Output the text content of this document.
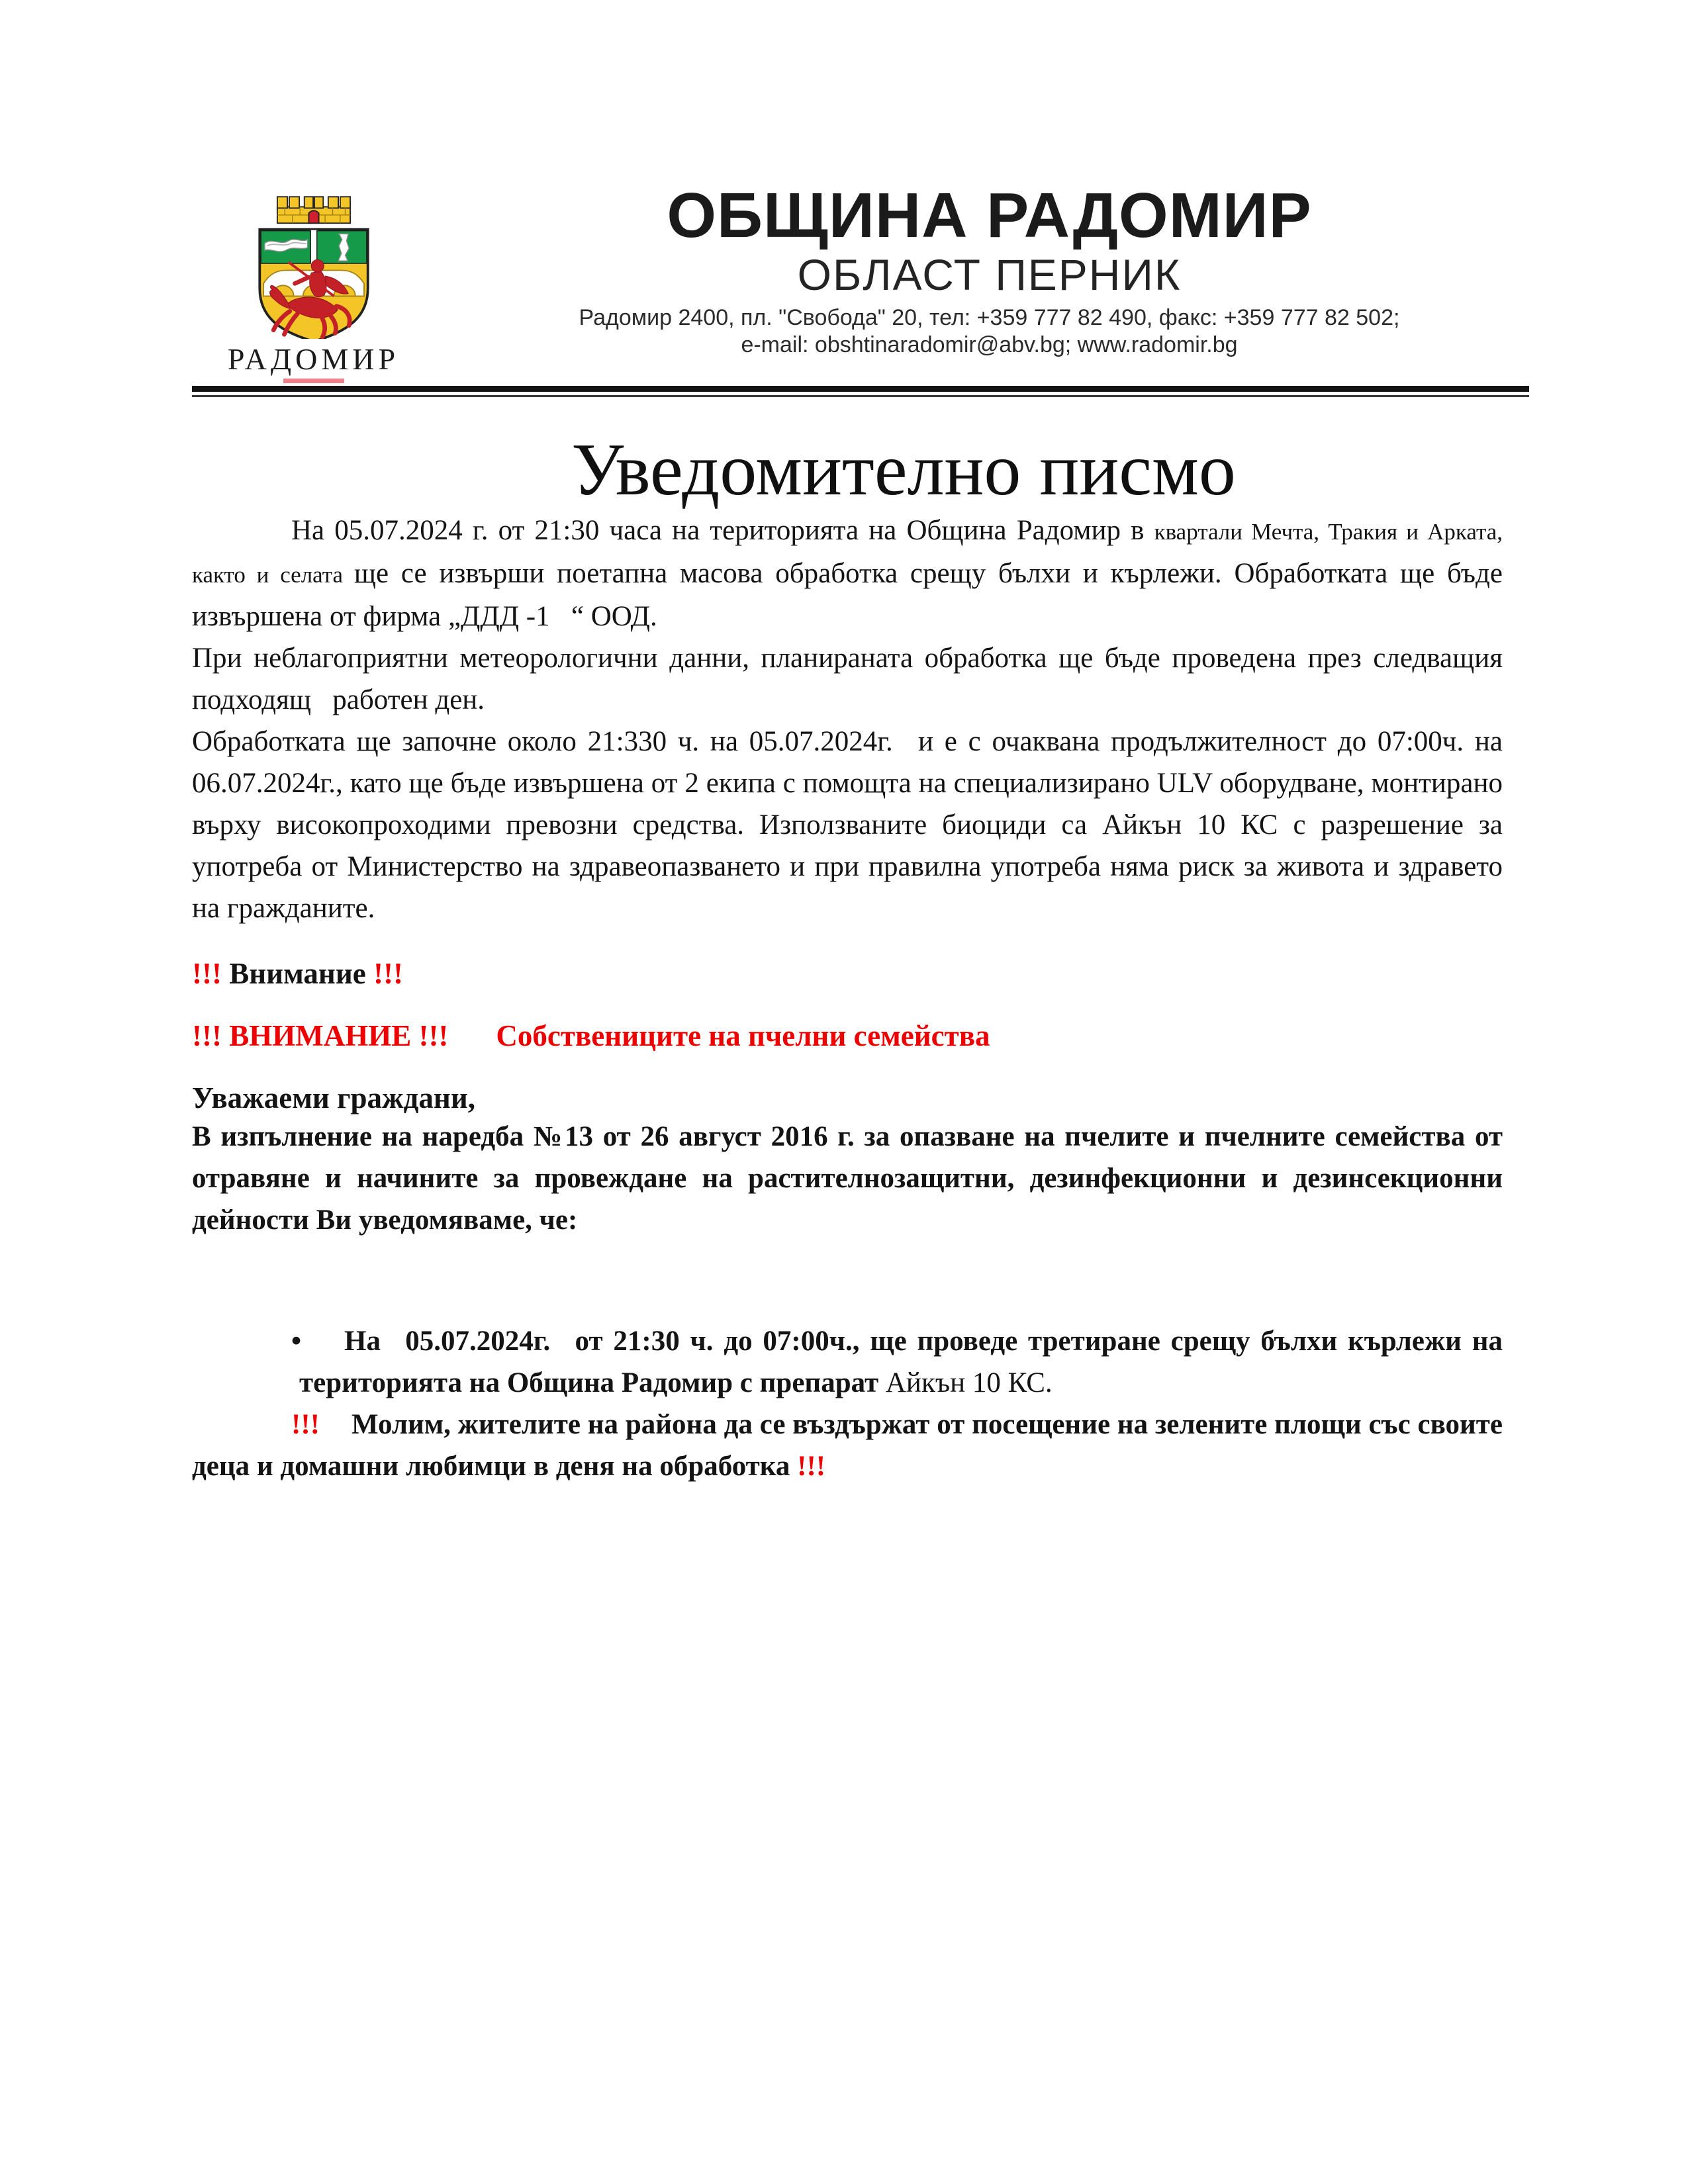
РАДОМИР
ОБЩИНА РАДОМИР
ОБЛАСТ ПЕРНИК
Радомир 2400, пл. "Свобода" 20, тел: +359 777 82 490, факс: +359 777 82 502;
e-mail: obshtinaradomir@abv.bg; www.radomir.bg
Уведомително писмо

На 05.07.2024 г. от 21:30 часа на територията на Община Радомир в квартали Мечта, Тракия и Арката, както и селата ще се извърши поетапна масова обработка срещу бълхи и кърлежи. Обработката ще бъде извършена от фирма „ДДД -1  “ ООД.

При неблагоприятни метеорологични данни, планираната обработка ще бъде проведена през следващия подходящ  работен ден.

Обработката ще започне около 21:330 ч. на 05.07.2024г.  и е с очаквана продължителност до 07:00ч. на 06.07.2024г., като ще бъде извършена от 2 екипа с помощта на специализирано ULV оборудване, монтирано върху високопроходими превозни средства. Използваните биоциди са Айкън 10 КС с разрешение за употреба от Министерство на здравеопазването и при правилна употреба няма риск за живота и здравето на гражданите.

!!! Внимание !!!

!!! ВНИМАНИЕ !!! Собствениците на пчелни семейства

Уважаеми граждани,

В изпълнение на наредба №13 от 26 август 2016 г. за опазване на пчелите и пчелните семейства от отравяне и начините за провеждане на растителнозащитни, дезинфекционни и дезинсекционни дейности Ви уведомяваме, че:

• На  05.07.2024г.  от 21:30 ч. до 07:00ч., ще проведе третиране срещу бълхи кърлежи на територията на Община Радомир с препарат Айкън 10 КС.

!!! Молим, жителите на района да се въздържат от посещение на зелените площи със своите деца и домашни любимци в деня на обработка !!!
